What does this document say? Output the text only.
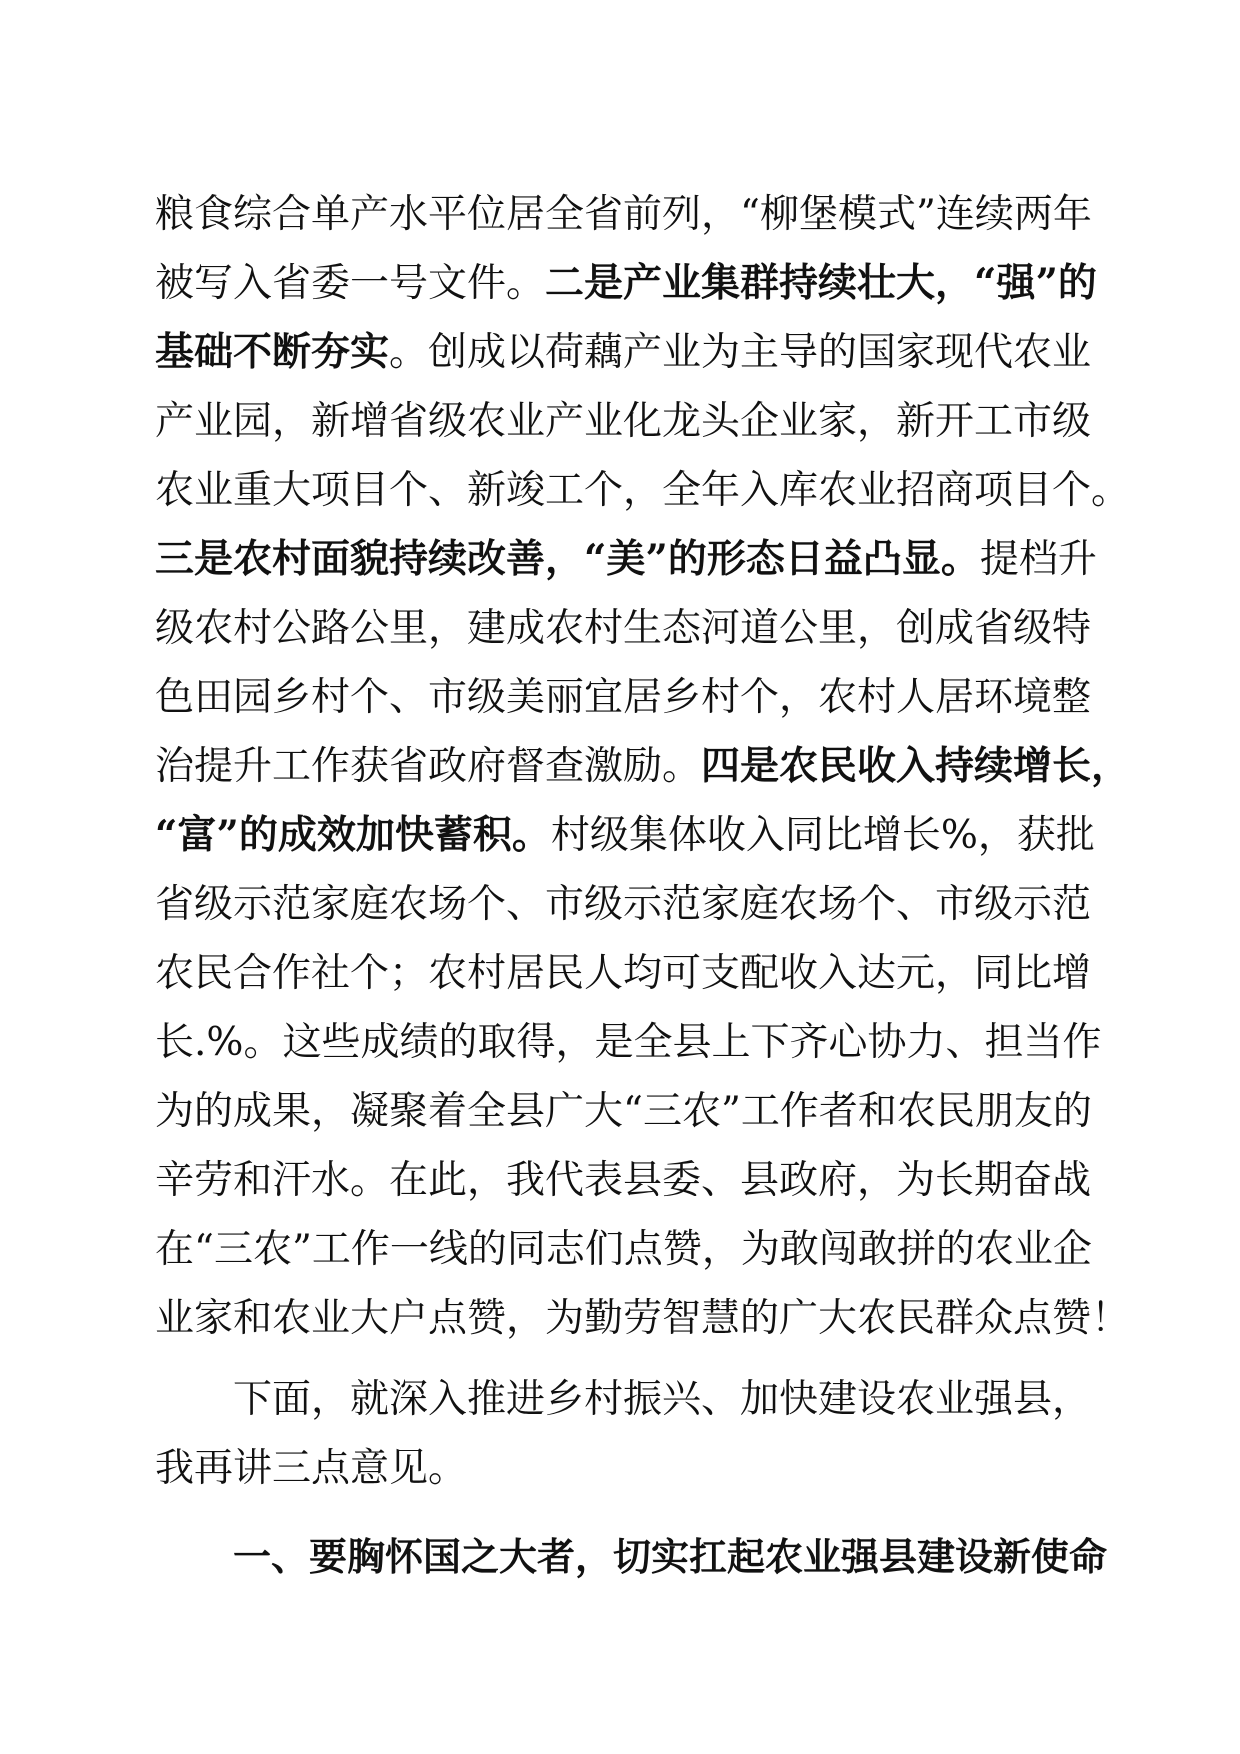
粮食综合单产水平位居全省前列，“柳堡模式”连续两年
被写入省委一号文件。二是产业集群持续壮大，“强”的
基础不断夯实。创成以荷藕产业为主导的国家现代农业
产业园，新增省级农业产业化龙头企业家，新开工市级
农业重大项目个、新竣工个，全年入库农业招商项目个。
三是农村面貌持续改善，“美”的形态日益凸显。提档升
级农村公路公里，建成农村生态河道公里，创成省级特
色田园乡村个、市级美丽宜居乡村个，农村人居环境整
治提升工作获省政府督查激励。四是农民收入持续增长，
“富”的成效加快蓄积。村级集体收入同比增长%，获批
省级示范家庭农场个、市级示范家庭农场个、市级示范
农民合作社个；农村居民人均可支配收入达元，同比增
长.%。这些成绩的取得，是全县上下齐心协力、担当作
为的成果，凝聚着全县广大“三农”工作者和农民朋友的
辛劳和汗水。在此，我代表县委、县政府，为长期奋战
在“三农”工作一线的同志们点赞，为敢闯敢拼的农业企
业家和农业大户点赞，为勤劳智慧的广大农民群众点赞！
下面，就深入推进乡村振兴、加快建设农业强县，
我再讲三点意见。
一、要胸怀国之大者，切实扛起农业强县建设新使命
